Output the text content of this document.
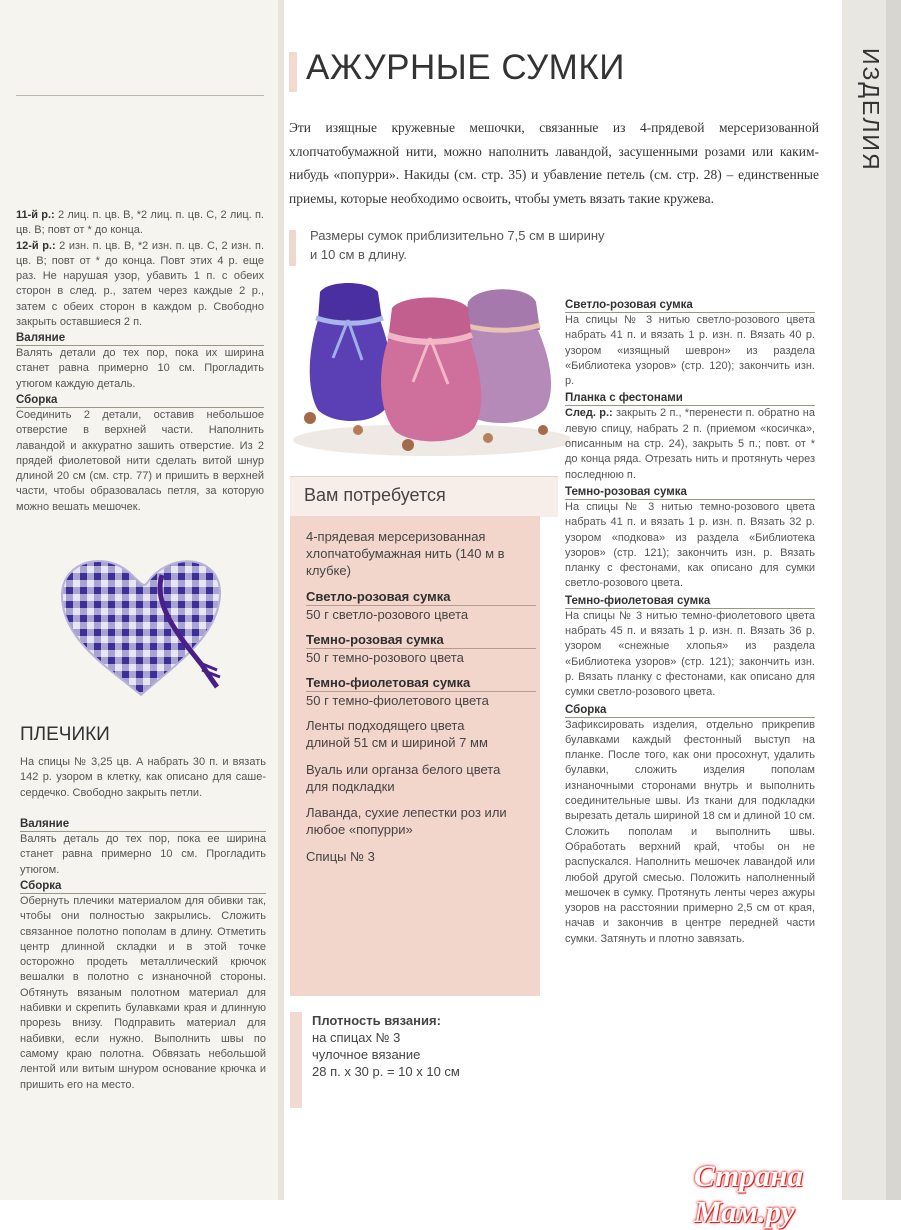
ИЗДЕЛИЯ
11-й р.: 2 лиц. п. цв. В, *2 лиц. п. цв. С, 2 лиц. п. цв. В; повт от * до конца.
12-й р.: 2 изн. п. цв. В, *2 изн. п. цв. С, 2 изн. п. цв. В; повт от * до конца. Повт этих 4 р. еще раз. Не нарушая узор, убавить 1 п. с обеих сторон в след. р., затем через каждые 2 р., затем с обеих сторон в каждом р. Свободно закрыть оставшиеся 2 п.
Валяние
Валять детали до тех пор, пока их ширина станет равна примерно 10 см. Прогладить утюгом каждую деталь.
Сборка
Соединить 2 детали, оставив небольшое отверстие в верхней части. Наполнить лавандой и аккуратно зашить отверстие. Из 2 прядей фиолетовой нити сделать витой шнур длиной 20 см (см. стр. 77) и пришить в верхней части, чтобы образовалась петля, за которую можно вешать мешочек.
ПЛЕЧИКИ
На спицы № 3,25 цв. А набрать 30 п. и вязать 142 р. узором в клетку, как описано для саше-сердечко. Свободно закрыть петли.
Валяние
Валять деталь до тех пор, пока ее ширина станет равна примерно 10 см. Прогладить утюгом.
Сборка
Обернуть плечики материалом для обивки так, чтобы они полностью закрылись. Сложить связанное полотно пополам в длину. Отметить центр длинной складки и в этой точке осторожно продеть металлический крючок вешалки в полотно с изнаночной стороны. Обтянуть вязаным полотном материал для набивки и скрепить булавками края и длинную прорезь внизу. Подправить материал для набивки, если нужно. Выполнить швы по самому краю полотна. Обвязать небольшой лентой или витым шнуром основание крючка и пришить его на место.
АЖУРНЫЕ СУМКИ
Эти изящные кружевные мешочки, связанные из 4-прядевой мерсеризованной хлопчатобумажной нити, можно наполнить лавандой, засушенными розами или каким-нибудь «попурри». Накиды (см. стр. 35) и убавление петель (см. стр. 28) – единственные приемы, которые необходимо освоить, чтобы уметь вязать такие кружева.
Размеры сумок приблизительно 7,5 см в ширину
и 10 см в длину.
Вам потребуется
4-прядевая мерсеризованная хлопчатобумажная нить (140 м в клубке)
Светло-розовая сумка
50 г светло-розового цвета
Темно-розовая сумка
50 г темно-розового цвета
Темно-фиолетовая сумка
50 г темно-фиолетового цвета
Ленты подходящего цвета длиной 51 см и шириной 7 мм
Вуаль или органза белого цвета для подкладки
Лаванда, сухие лепестки роз или любое «попурри»
Спицы № 3
Плотность вязания:
на спицах № 3
чулочное вязание
28 п. x 30 р. = 10 x 10 см
Светло-розовая сумка
На спицы № 3 нитью светло-розового цвета набрать 41 п. и вязать 1 р. изн. п. Вязать 40 р. узором «изящный шеврон» из раздела «Библиотека узоров» (стр. 120); закончить изн. р.
Планка с фестонами
След. р.: закрыть 2 п., *перенести п. обратно на левую спицу, набрать 2 п. (приемом «косичка», описанным на стр. 24), закрыть 5 п.; повт. от * до конца ряда. Отрезать нить и протянуть через последнюю п.
Темно-розовая сумка
На спицы № 3 нитью темно-розового цвета набрать 41 п. и вязать 1 р. изн. п. Вязать 32 р. узором «подкова» из раздела «Библиотека узоров» (стр. 121); закончить изн. р. Вязать планку с фестонами, как описано для сумки светло-розового цвета.
Темно-фиолетовая сумка
На спицы № 3 нитью темно-фиолетового цвета набрать 45 п. и вязать 1 р. изн. п. Вязать 36 р. узором «снежные хлопья» из раздела «Библиотека узоров» (стр. 121); закончить изн. р. Вязать планку с фестонами, как описано для сумки светло-розового цвета.
Сборка
Зафиксировать изделия, отдельно прикрепив булавками каждый фестонный выступ на планке. После того, как они просохнут, удалить булавки, сложить изделия пополам изнаночными сторонами внутрь и выполнить соединительные швы. Из ткани для подкладки вырезать деталь шириной 18 см и длиной 10 см. Сложить пополам и выполнить швы. Обработать верхний край, чтобы он не распускался. Наполнить мешочек лавандой или любой другой смесью. Положить наполненный мешочек в сумку. Протянуть ленты через ажуры узоров на расстоянии примерно 2,5 см от края, начав и закончив в центре передней части сумки. Затянуть и плотно завязать.
Страна Мам.ру
